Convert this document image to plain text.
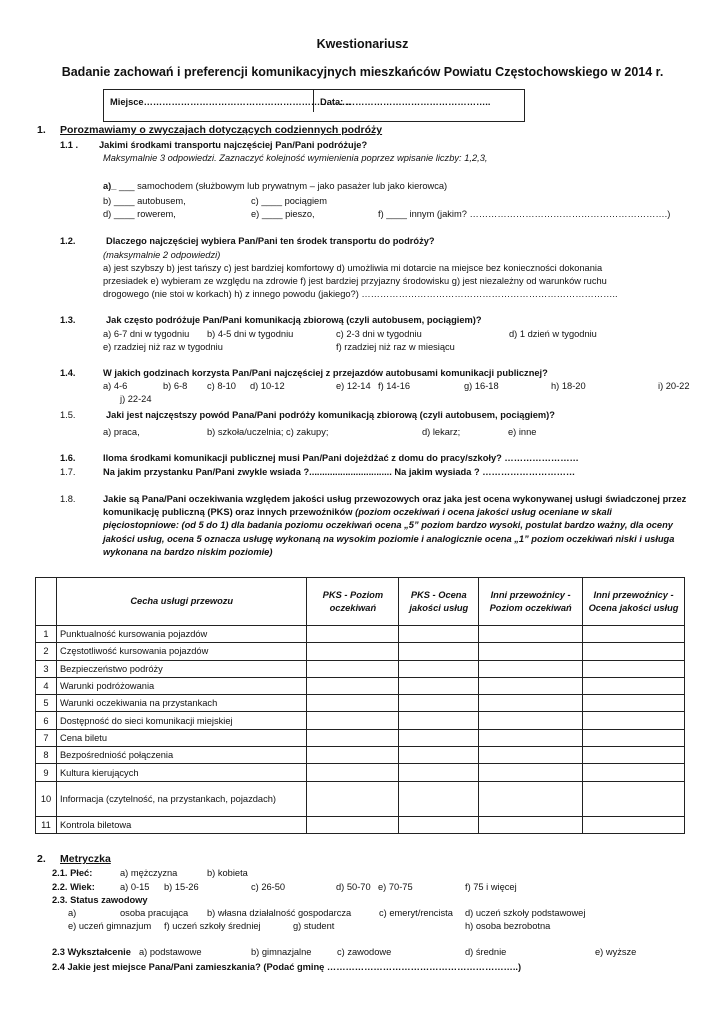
Kwestionariusz
Badanie zachowań i preferencji komunikacyjnych mieszkańców Powiatu Częstochowskiego w 2014 r.
Miejsce………………………………………………………….
Data: ………………………………………..
1. Porozmawiamy o zwyczajach dotyczących codziennych podróży
1.1 . Jakimi środkami transportu najczęściej Pan/Pani podróżuje?
Maksymalnie 3 odpowiedzi. Zaznaczyć kolejność wymienienia poprzez wpisanie liczby: 1,2,3,
a)_ ___ samochodem (służbowym lub prywatnym – jako pasażer lub jako kierowca)
b) ____ autobusem,	c) ____ pociągiem
d) ____ rowerem,	e) ____ pieszo,	f) ____ innym (jakim? ……………………………………………………….)
1.2.	Dlaczego najczęściej wybiera Pan/Pani ten środek transportu do podróży?
(maksymalnie 2 odpowiedzi)
a) jest szybszy b) jest tańszy c) jest bardziej komfortowy d) umożliwia mi dotarcie na miejsce bez konieczności dokonania
przesiadek e) wybieram ze względu na zdrowie f) jest bardziej przyjazny środowisku g) jest niezależny od warunków ruchu
drogowego (nie stoi w korkach) h) z innego powodu (jakiego?) ………………………………………………………………………..
1.3.	Jak często podróżuje Pan/Pani komunikacją zbiorową (czyli autobusem, pociągiem)?
a) 6-7 dni w tygodniu b) 4-5 dni w tygodniu	c) 2-3 dni w tygodniu	d) 1 dzień w tygodniu
e) rzadziej niż raz w tygodniu	f) rzadziej niż raz w miesiącu
1.4.	W jakich godzinach korzysta Pan/Pani najczęściej z przejazdów autobusami komunikacji publicznej?
a) 4-6	b) 6-8 c) 8-10 d) 10-12	e) 12-14 f) 14-16	g) 16-18	h) 18-20	i) 20-22
j) 22-24
1.5.	Jaki jest najczęstszy powód Pana/Pani podróży komunikacją zbiorową (czyli autobusem, pociągiem)?
a) praca,	b) szkoła/uczelnia; c) zakupy;	d) lekarz;	e) inne
1.6.	Iloma środkami komunikacji publicznej musi Pan/Pani dojeżdżać z domu do pracy/szkoły? ……………………
1.7.	Na jakim przystanku Pan/Pani zwykle wsiada ?................................ Na jakim wysiada ? …………………………
1.8.	Jakie są Pana/Pani oczekiwania względem jakości usług przewozowych oraz jaka jest ocena wykonywanej usługi świadczonej przez
komunikację publiczną (PKS) oraz innych przewoźników (poziom oczekiwań i ocena jakości usług oceniane w skali
pięciostopniowe: (od 5 do 1) dla badania poziomu oczekiwań ocena „5” poziom bardzo wysoki, postulat bardzo ważny, dla oceny
jakości usług, ocena 5 oznacza usługę wykonaną na wysokim poziomie i analogicznie ocena „1” poziom oczekiwań niski i usługa
wykonana na bardzo niskim poziomie)
	Cecha usługi przewozu	PKS - Poziom oczekiwań	PKS - Ocena jakości usług	Inni przewoźnicy - Poziom oczekiwań	Inni przewoźnicy - Ocena jakości usług
1	Punktualność kursowania pojazdów				
2	Częstotliwość kursowania pojazdów				
3	Bezpieczeństwo podróży				
4	Warunki podróżowania				
5	Warunki oczekiwania na przystankach				
6	Dostępność do sieci komunikacji miejskiej				
7	Cena biletu				
8	Bezpośredniość połączenia				
9	Kultura kierujących				
10	Informacja (czytelność, na przystankach, pojazdach)				
11	Kontrola biletowa				
2. Metryczka
2.1. Płeć:	a) mężczyzna	b) kobieta
2.2. Wiek:	a) 0-15 b) 15-26	c) 26-50	d) 50-70 e) 70-75	f) 75 i więcej
2.3. Status zawodowy
a)	osoba pracująca b) własna działalność gospodarcza	c) emeryt/rencista d) uczeń szkoły podstawowej
e) uczeń gimnazjum f) uczeń szkoły średniej	g) student	h) osoba bezrobotna
2.3 Wykształcenie a) podstawowe	b) gimnazjalne	c) zawodowe	d) średnie	e) wyższe
2.4 Jakie jest miejsce Pana/Pani zamieszkania? (Podać gminę ……………………………………………………..)
